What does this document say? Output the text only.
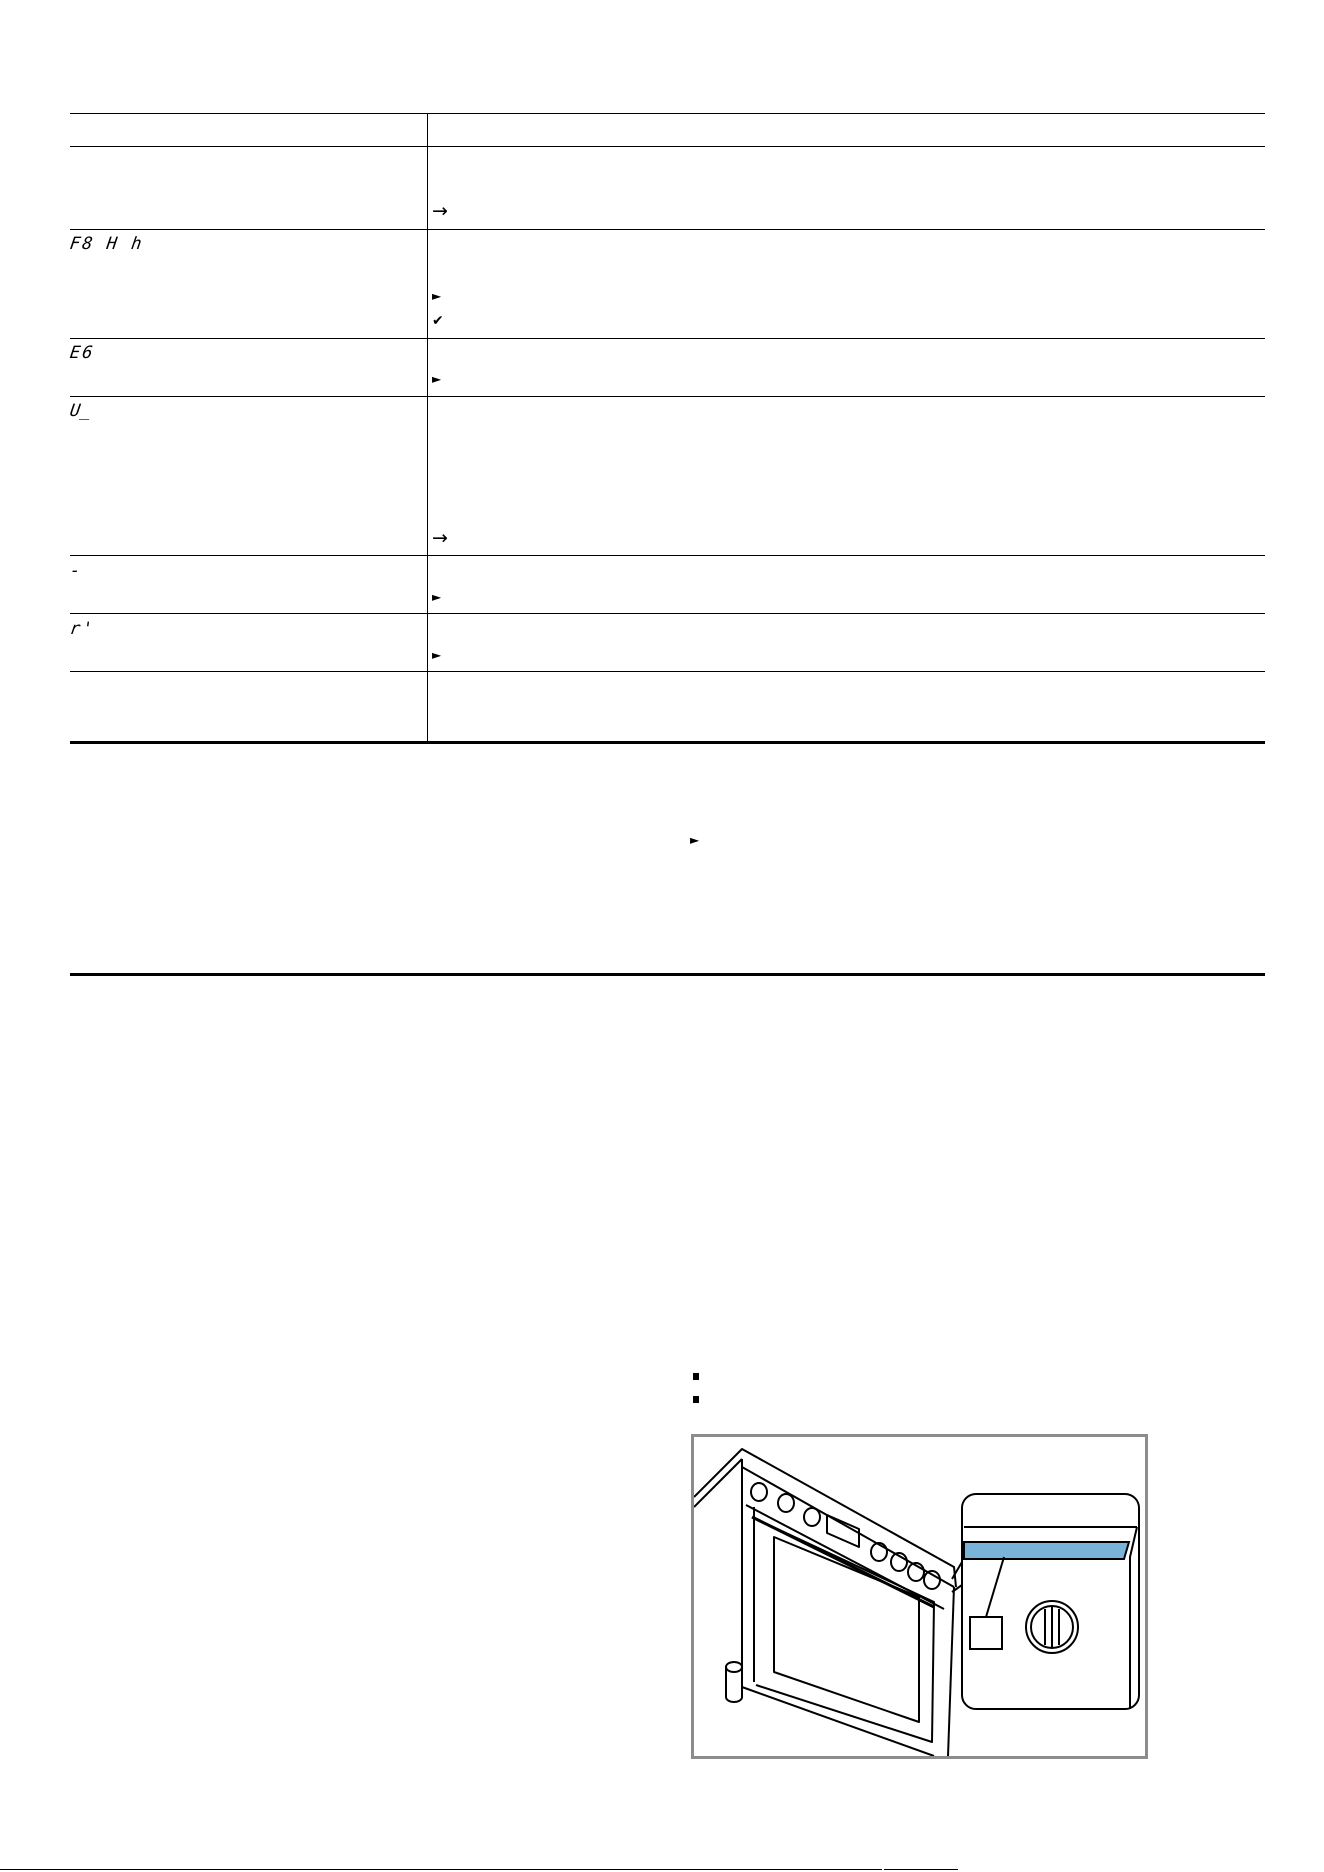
→
F8 H h
►
✔
E6
►
U̲
→
-
►
r'
►
►
